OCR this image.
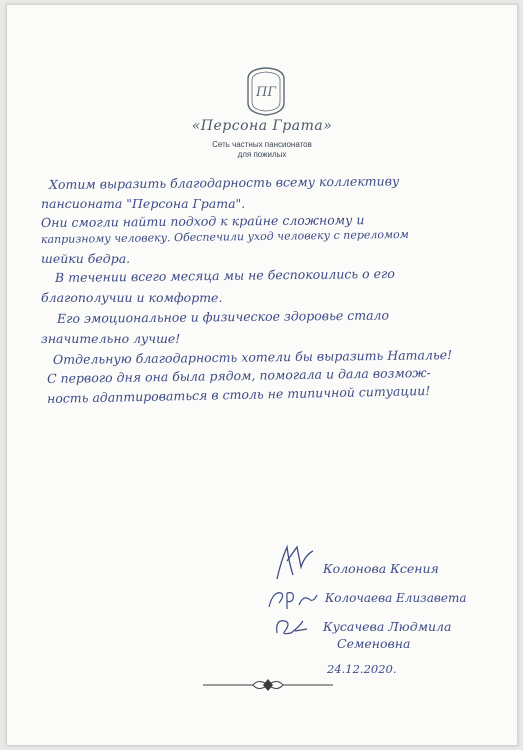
ПГ
«Персона Грата»
Сеть частных пансионатов
для пожилых
Хотим выразить благодарность всему коллективу
пансионата "Персона Грата".
Они смогли найти подход к крайне сложному и
капризному человеку. Обеспечили уход человеку с переломом
шейки бедра.
В течении всего месяца мы не беспокоились о его
благополучии и комфорте.
Его эмоциональное и физическое здоровье стало
значительно лучше!
Отдельную благодарность хотели бы выразить Наталье!
С первого дня она была рядом, помогала и дала возмож-
ность адаптироваться в столь не типичной ситуации!
Колонова Ксения
Колочаева Елизавета
Кусачева Людмила
Семеновна
24.12.2020.
